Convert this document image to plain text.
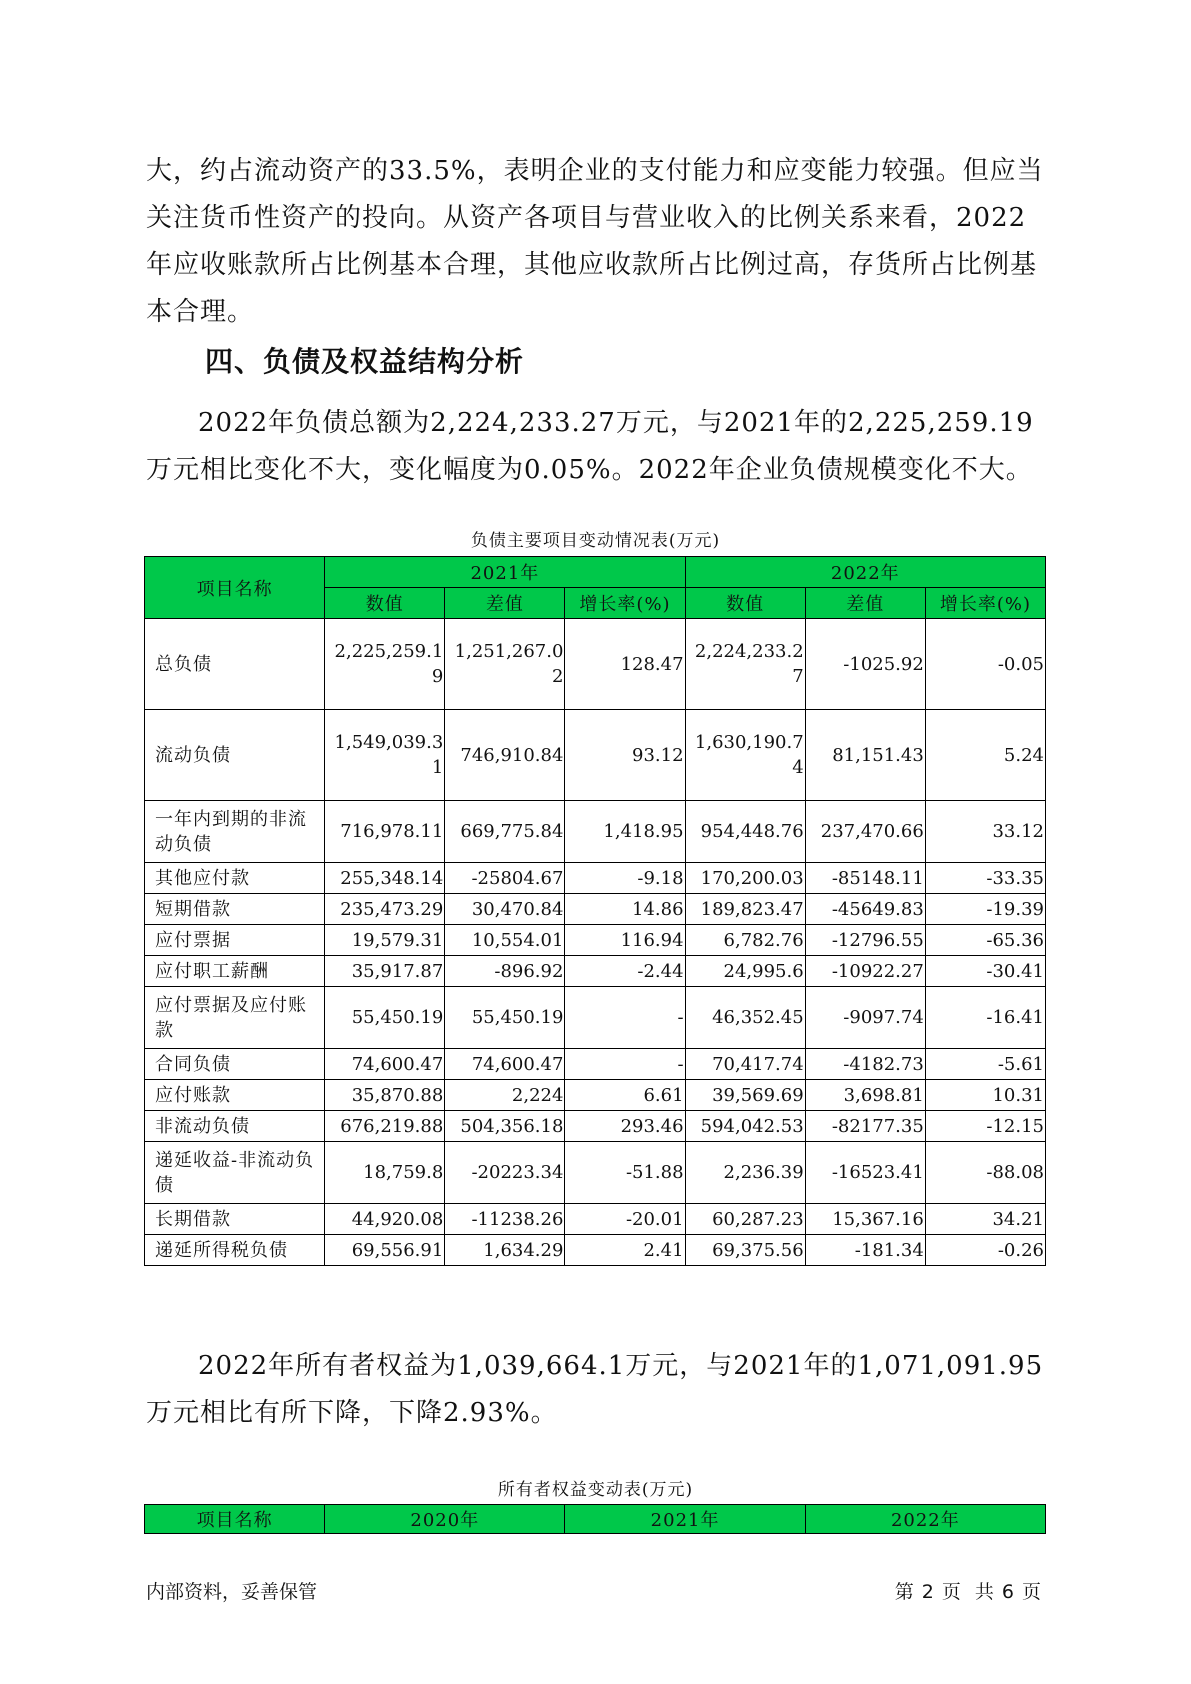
大，约占流动资产的33.5%，表明企业的支付能力和应变能力较强。但应当关注货币性资产的投向。从资产各项目与营业收入的比例关系来看，2022年应收账款所占比例基本合理，其他应收款所占比例过高，存货所占比例基本合理。

四、负债及权益结构分析

2022年负债总额为2,224,233.27万元，与2021年的2,225,259.19万元相比变化不大，变化幅度为0.05%。2022年企业负债规模变化不大。

负债主要项目变动情况表(万元)

项目名称	2021年			2022年		
	数值	差值	增长率(%)	数值	差值	增长率(%)
总负债	2,225,259.19	1,251,267.02	128.47	2,224,233.27	-1025.92	-0.05
流动负债	1,549,039.31	746,910.84	93.12	1,630,190.74	81,151.43	5.24
一年内到期的非流动负债	716,978.11	669,775.84	1,418.95	954,448.76	237,470.66	33.12
其他应付款	255,348.14	-25804.67	-9.18	170,200.03	-85148.11	-33.35
短期借款	235,473.29	30,470.84	14.86	189,823.47	-45649.83	-19.39
应付票据	19,579.31	10,554.01	116.94	6,782.76	-12796.55	-65.36
应付职工薪酬	35,917.87	-896.92	-2.44	24,995.6	-10922.27	-30.41
应付票据及应付账款	55,450.19	55,450.19	-	46,352.45	-9097.74	-16.41
合同负债	74,600.47	74,600.47	-	70,417.74	-4182.73	-5.61
应付账款	35,870.88	2,224	6.61	39,569.69	3,698.81	10.31
非流动负债	676,219.88	504,356.18	293.46	594,042.53	-82177.35	-12.15
递延收益-非流动负债	18,759.8	-20223.34	-51.88	2,236.39	-16523.41	-88.08
长期借款	44,920.08	-11238.26	-20.01	60,287.23	15,367.16	34.21
递延所得税负债	69,556.91	1,634.29	2.41	69,375.56	-181.34	-0.26

2022年所有者权益为1,039,664.1万元，与2021年的1,071,091.95万元相比有所下降，下降2.93%。

所有者权益变动表(万元)

项目名称	2020年	2021年	2022年
内部资料，妥善保管	第 2 页 共 6 页
